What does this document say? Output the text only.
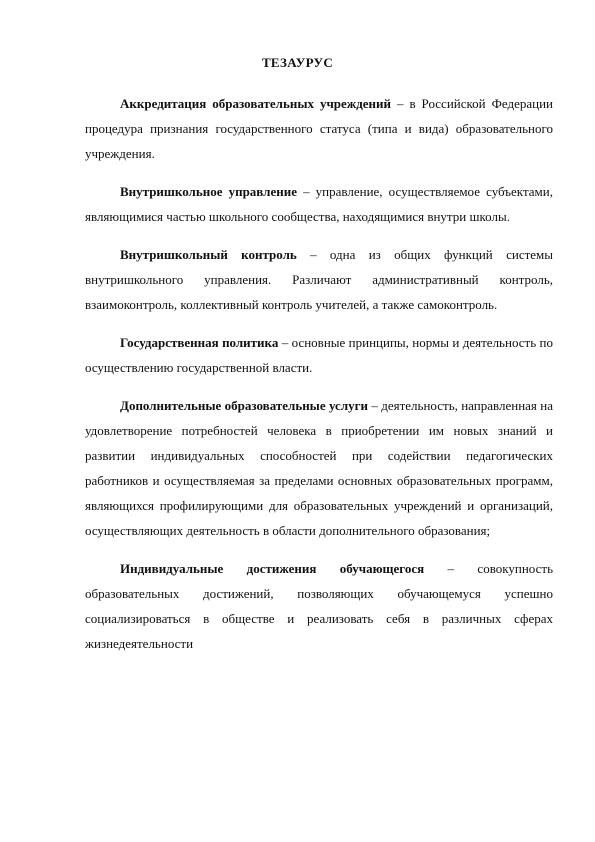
ТЕЗАУРУС

Аккредитация образовательных учреждений – в Российской Федерации процедура признания государственного статуса (типа и вида) образовательного учреждения.

Внутришкольное управление – управление, осуществляемое субъектами, являющимися частью школьного сообщества, находящимися внутри школы.

Внутришкольный контроль – одна из общих функций системы внутришкольного управления. Различают административный контроль, взаимоконтроль, коллективный контроль учителей, а также самоконтроль.

Государственная политика – основные принципы, нормы и деятельность по осуществлению государственной власти.

Дополнительные образовательные услуги – деятельность, направленная на удовлетворение потребностей человека в приобретении им новых знаний и развитии индивидуальных способностей при содействии педагогических работников и осуществляемая за пределами основных образовательных программ, являющихся профилирующими для образовательных учреждений и организаций, осуществляющих деятельность в области дополнительного образования;

Индивидуальные достижения обучающегося – совокупность образовательных достижений, позволяющих обучающемуся успешно социализироваться в обществе и реализовать себя в различных сферах жизнедеятельности
